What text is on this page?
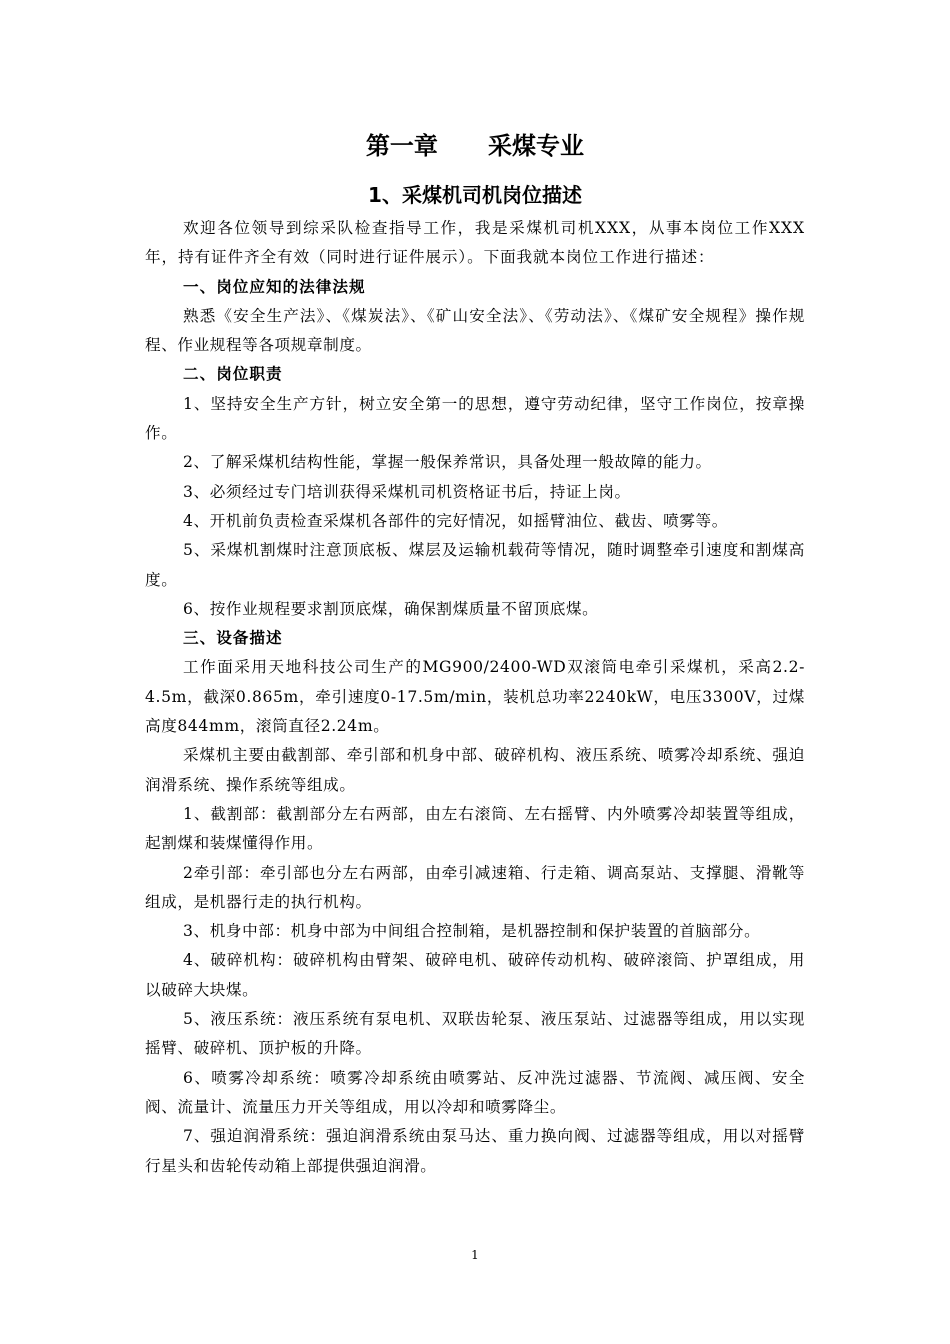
第一章      采煤专业
1、采煤机司机岗位描述

欢迎各位领导到综采队检查指导工作，我是采煤机司机XXX，从事本岗位工作XXX年，持有证件齐全有效（同时进行证件展示）。下面我就本岗位工作进行描述：

一、岗位应知的法律法规

熟悉《安全生产法》、《煤炭法》、《矿山安全法》、《劳动法》、《煤矿安全规程》操作规程、作业规程等各项规章制度。

二、岗位职责

1、坚持安全生产方针，树立安全第一的思想，遵守劳动纪律，坚守工作岗位，按章操作。

2、了解采煤机结构性能，掌握一般保养常识，具备处理一般故障的能力。

3、必须经过专门培训获得采煤机司机资格证书后，持证上岗。

4、开机前负责检查采煤机各部件的完好情况，如摇臂油位、截齿、喷雾等。

5、采煤机割煤时注意顶底板、煤层及运输机载荷等情况，随时调整牵引速度和割煤高度。

6、按作业规程要求割顶底煤，确保割煤质量不留顶底煤。

三、设备描述

工作面采用天地科技公司生产的MG900/2400-WD双滚筒电牵引采煤机，采高2.2-4.5m，截深0.865m，牵引速度0-17.5m/min，装机总功率2240kW，电压3300V，过煤高度844mm，滚筒直径2.24m。

采煤机主要由截割部、牵引部和机身中部、破碎机构、液压系统、喷雾冷却系统、强迫润滑系统、操作系统等组成。

1、截割部：截割部分左右两部，由左右滚筒、左右摇臂、内外喷雾冷却装置等组成，起割煤和装煤懂得作用。

2牵引部：牵引部也分左右两部，由牵引减速箱、行走箱、调高泵站、支撑腿、滑靴等组成，是机器行走的执行机构。

3、机身中部：机身中部为中间组合控制箱，是机器控制和保护装置的首脑部分。

4、破碎机构：破碎机构由臂架、破碎电机、破碎传动机构、破碎滚筒、护罩组成，用以破碎大块煤。

5、液压系统：液压系统有泵电机、双联齿轮泵、液压泵站、过滤器等组成，用以实现摇臂、破碎机、顶护板的升降。

6、喷雾冷却系统：喷雾冷却系统由喷雾站、反冲洗过滤器、节流阀、减压阀、安全阀、流量计、流量压力开关等组成，用以冷却和喷雾降尘。

7、强迫润滑系统：强迫润滑系统由泵马达、重力换向阀、过滤器等组成，用以对摇臂行星头和齿轮传动箱上部提供强迫润滑。

1
